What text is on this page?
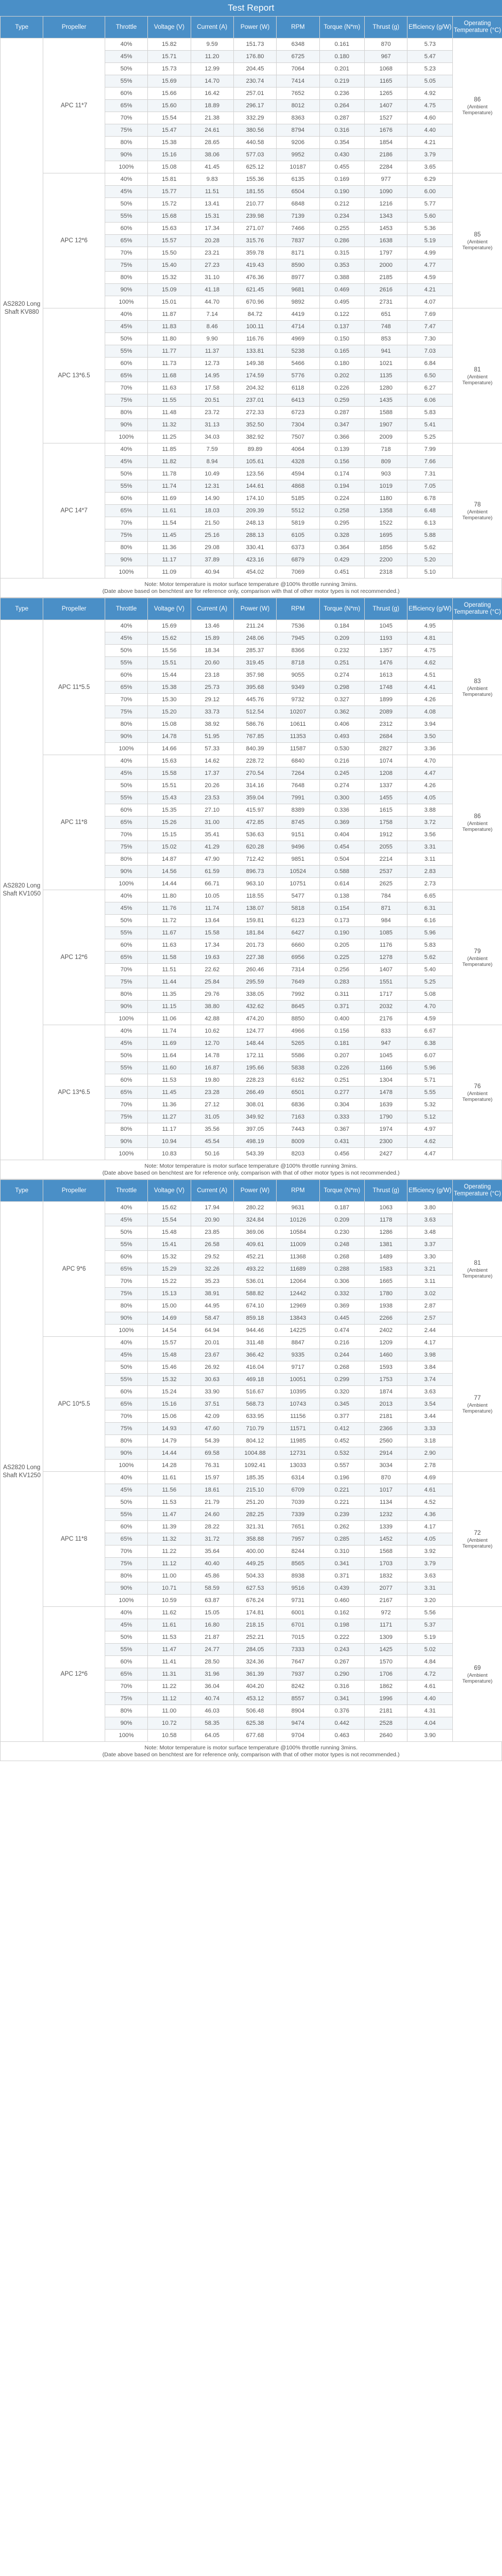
Test Report
Type	Propeller	Throttle	Voltage (V)	Current (A)	Power (W)	RPM	Torque (N*m)	Thrust (g)	Efficiency (g/W)	Operating Temperature (°C)
AS2820 Long Shaft KV880	APC 11*7	40%	15.82	9.59	151.73	6348	0.161	870	5.73	86
(Ambient Temperature)

		45%	15.71	11.20	176.80	6725	0.180	967	5.47	
		50%	15.73	12.99	204.45	7064	0.201	1068	5.23	
		55%	15.69	14.70	230.74	7414	0.219	1165	5.05	
		60%	15.66	16.42	257.01	7652	0.236	1265	4.92	
		65%	15.60	18.89	296.17	8012	0.264	1407	4.75	
		70%	15.54	21.38	332.29	8363	0.287	1527	4.60	
		75%	15.47	24.61	380.56	8794	0.316	1676	4.40	
		80%	15.38	28.65	440.58	9206	0.354	1854	4.21	
		90%	15.16	38.06	577.03	9952	0.430	2186	3.79	
		100%	15.08	41.45	625.12	10187	0.455	2284	3.65	
	APC 12*6	40%	15.81	9.83	155.36	6135	0.169	977	6.29	85
(Ambient Temperature)

		45%	15.77	11.51	181.55	6504	0.190	1090	6.00	
		50%	15.72	13.41	210.77	6848	0.212	1216	5.77	
		55%	15.68	15.31	239.98	7139	0.234	1343	5.60	
		60%	15.63	17.34	271.07	7466	0.255	1453	5.36	
		65%	15.57	20.28	315.76	7837	0.286	1638	5.19	
		70%	15.50	23.21	359.78	8171	0.315	1797	4.99	
		75%	15.40	27.23	419.43	8590	0.353	2000	4.77	
		80%	15.32	31.10	476.36	8977	0.388	2185	4.59	
		90%	15.09	41.18	621.45	9681	0.469	2616	4.21	
		100%	15.01	44.70	670.96	9892	0.495	2731	4.07	
	APC 13*6.5	40%	11.87	7.14	84.72	4419	0.122	651	7.69	81
(Ambient Temperature)

		45%	11.83	8.46	100.11	4714	0.137	748	7.47	
		50%	11.80	9.90	116.76	4969	0.150	853	7.30	
		55%	11.77	11.37	133.81	5238	0.165	941	7.03	
		60%	11.73	12.73	149.38	5466	0.180	1021	6.84	
		65%	11.68	14.95	174.59	5776	0.202	1135	6.50	
		70%	11.63	17.58	204.32	6118	0.226	1280	6.27	
		75%	11.55	20.51	237.01	6413	0.259	1435	6.06	
		80%	11.48	23.72	272.33	6723	0.287	1588	5.83	
		90%	11.32	31.13	352.50	7304	0.347	1907	5.41	
		100%	11.25	34.03	382.92	7507	0.366	2009	5.25	
	APC 14*7	40%	11.85	7.59	89.89	4064	0.139	718	7.99	78
(Ambient Temperature)

		45%	11.82	8.94	105.61	4328	0.156	809	7.66	
		50%	11.78	10.49	123.56	4594	0.174	903	7.31	
		55%	11.74	12.31	144.61	4868	0.194	1019	7.05	
		60%	11.69	14.90	174.10	5185	0.224	1180	6.78	
		65%	11.61	18.03	209.39	5512	0.258	1358	6.48	
		70%	11.54	21.50	248.13	5819	0.295	1522	6.13	
		75%	11.45	25.16	288.13	6105	0.328	1695	5.88	
		80%	11.36	29.08	330.41	6373	0.364	1856	5.62	
		90%	11.17	37.89	423.16	6879	0.429	2200	5.20	
		100%	11.09	40.94	454.02	7069	0.451	2318	5.10	
Note: Motor temperature is motor surface temperature @100% throttle running 3mins.
(Date above based on benchtest are for reference only, comparison with that of other motor types is not recommended.)
Type	Propeller	Throttle	Voltage (V)	Current (A)	Power (W)	RPM	Torque (N*m)	Thrust (g)	Efficiency (g/W)	Operating Temperature (°C)
AS2820 Long Shaft KV1050	APC 11*5.5	40%	15.69	13.46	211.24	7536	0.184	1045	4.95	83
(Ambient Temperature)

		45%	15.62	15.89	248.06	7945	0.209	1193	4.81	
		50%	15.56	18.34	285.37	8366	0.232	1357	4.75	
		55%	15.51	20.60	319.45	8718	0.251	1476	4.62	
		60%	15.44	23.18	357.98	9055	0.274	1613	4.51	
		65%	15.38	25.73	395.68	9349	0.298	1748	4.41	
		70%	15.30	29.12	445.76	9732	0.327	1899	4.26	
		75%	15.20	33.73	512.54	10207	0.362	2089	4.08	
		80%	15.08	38.92	586.76	10611	0.406	2312	3.94	
		90%	14.78	51.95	767.85	11353	0.493	2684	3.50	
		100%	14.66	57.33	840.39	11587	0.530	2827	3.36	
	APC 11*8	40%	15.63	14.62	228.72	6840	0.216	1074	4.70	86
(Ambient Temperature)

		45%	15.58	17.37	270.54	7264	0.245	1208	4.47	
		50%	15.51	20.26	314.16	7648	0.274	1337	4.26	
		55%	15.43	23.53	359.04	7991	0.300	1455	4.05	
		60%	15.35	27.10	415.97	8389	0.336	1615	3.88	
		65%	15.26	31.00	472.85	8745	0.369	1758	3.72	
		70%	15.15	35.41	536.63	9151	0.404	1912	3.56	
		75%	15.02	41.29	620.28	9496	0.454	2055	3.31	
		80%	14.87	47.90	712.42	9851	0.504	2214	3.11	
		90%	14.56	61.59	896.73	10524	0.588	2537	2.83	
		100%	14.44	66.71	963.10	10751	0.614	2625	2.73	
	APC 12*6	40%	11.80	10.05	118.55	5477	0.138	784	6.65	79
(Ambient Temperature)

		45%	11.76	11.74	138.07	5818	0.154	871	6.31	
		50%	11.72	13.64	159.81	6123	0.173	984	6.16	
		55%	11.67	15.58	181.84	6427	0.190	1085	5.96	
		60%	11.63	17.34	201.73	6660	0.205	1176	5.83	
		65%	11.58	19.63	227.38	6956	0.225	1278	5.62	
		70%	11.51	22.62	260.46	7314	0.256	1407	5.40	
		75%	11.44	25.84	295.59	7649	0.283	1551	5.25	
		80%	11.35	29.76	338.05	7992	0.311	1717	5.08	
		90%	11.15	38.80	432.62	8645	0.371	2032	4.70	
		100%	11.06	42.88	474.20	8850	0.400	2176	4.59	
	APC 13*6.5	40%	11.74	10.62	124.77	4966	0.156	833	6.67	76
(Ambient Temperature)

		45%	11.69	12.70	148.44	5265	0.181	947	6.38	
		50%	11.64	14.78	172.11	5586	0.207	1045	6.07	
		55%	11.60	16.87	195.66	5838	0.226	1166	5.96	
		60%	11.53	19.80	228.23	6162	0.251	1304	5.71	
		65%	11.45	23.28	266.49	6501	0.277	1478	5.55	
		70%	11.36	27.12	308.01	6836	0.304	1639	5.32	
		75%	11.27	31.05	349.92	7163	0.333	1790	5.12	
		80%	11.17	35.56	397.05	7443	0.367	1974	4.97	
		90%	10.94	45.54	498.19	8009	0.431	2300	4.62	
		100%	10.83	50.16	543.39	8203	0.456	2427	4.47	
Note: Motor temperature is motor surface temperature @100% throttle running 3mins.
(Date above based on benchtest are for reference only, comparison with that of other motor types is not recommended.)
Type	Propeller	Throttle	Voltage (V)	Current (A)	Power (W)	RPM	Torque (N*m)	Thrust (g)	Efficiency (g/W)	Operating Temperature (°C)
AS2820 Long Shaft KV1250	APC 9*6	40%	15.62	17.94	280.22	9631	0.187	1063	3.80	81
(Ambient Temperature)

		45%	15.54	20.90	324.84	10126	0.209	1178	3.63	
		50%	15.48	23.85	369.06	10584	0.230	1286	3.48	
		55%	15.41	26.58	409.61	11009	0.248	1381	3.37	
		60%	15.32	29.52	452.21	11368	0.268	1489	3.30	
		65%	15.29	32.26	493.22	11689	0.288	1583	3.21	
		70%	15.22	35.23	536.01	12064	0.306	1665	3.11	
		75%	15.13	38.91	588.82	12442	0.332	1780	3.02	
		80%	15.00	44.95	674.10	12969	0.369	1938	2.87	
		90%	14.69	58.47	859.18	13843	0.445	2266	2.57	
		100%	14.54	64.94	944.46	14225	0.474	2402	2.44	
	APC 10*5.5	40%	15.57	20.01	311.48	8847	0.216	1209	4.17	77
(Ambient Temperature)

		45%	15.48	23.67	366.42	9335	0.244	1460	3.98	
		50%	15.46	26.92	416.04	9717	0.268	1593	3.84	
		55%	15.32	30.63	469.18	10051	0.299	1753	3.74	
		60%	15.24	33.90	516.67	10395	0.320	1874	3.63	
		65%	15.16	37.51	568.73	10743	0.345	2013	3.54	
		70%	15.06	42.09	633.95	11156	0.377	2181	3.44	
		75%	14.93	47.60	710.79	11571	0.412	2366	3.33	
		80%	14.79	54.39	804.12	11985	0.452	2560	3.18	
		90%	14.44	69.58	1004.88	12731	0.532	2914	2.90	
		100%	14.28	76.31	1092.41	13033	0.557	3034	2.78	
	APC 11*8	40%	11.61	15.97	185.35	6314	0.196	870	4.69	72
(Ambient Temperature)

		45%	11.56	18.61	215.10	6709	0.221	1017	4.61	
		50%	11.53	21.79	251.20	7039	0.221	1134	4.52	
		55%	11.47	24.60	282.25	7339	0.239	1232	4.36	
		60%	11.39	28.22	321.31	7651	0.262	1339	4.17	
		65%	11.32	31.72	358.88	7957	0.285	1452	4.05	
		70%	11.22	35.64	400.00	8244	0.310	1568	3.92	
		75%	11.12	40.40	449.25	8565	0.341	1703	3.79	
		80%	11.00	45.86	504.33	8938	0.371	1832	3.63	
		90%	10.71	58.59	627.53	9516	0.439	2077	3.31	
		100%	10.59	63.87	676.24	9731	0.460	2167	3.20	
	APC 12*6	40%	11.62	15.05	174.81	6001	0.162	972	5.56	69
(Ambient Temperature)

		45%	11.61	16.80	218.15	6701	0.198	1171	5.37	
		50%	11.53	21.87	252.21	7015	0.222	1309	5.19	
		55%	11.47	24.77	284.05	7333	0.243	1425	5.02	
		60%	11.41	28.50	324.36	7647	0.267	1570	4.84	
		65%	11.31	31.96	361.39	7937	0.290	1706	4.72	
		70%	11.22	36.04	404.20	8242	0.316	1862	4.61	
		75%	11.12	40.74	453.12	8557	0.341	1996	4.40	
		80%	11.00	46.03	506.48	8904	0.376	2181	4.31	
		90%	10.72	58.35	625.38	9474	0.442	2528	4.04	
		100%	10.58	64.05	677.68	9704	0.463	2640	3.90	
Note: Motor temperature is motor surface temperature @100% throttle running 3mins.
(Date above based on benchtest are for reference only, comparison with that of other motor types is not recommended.)
